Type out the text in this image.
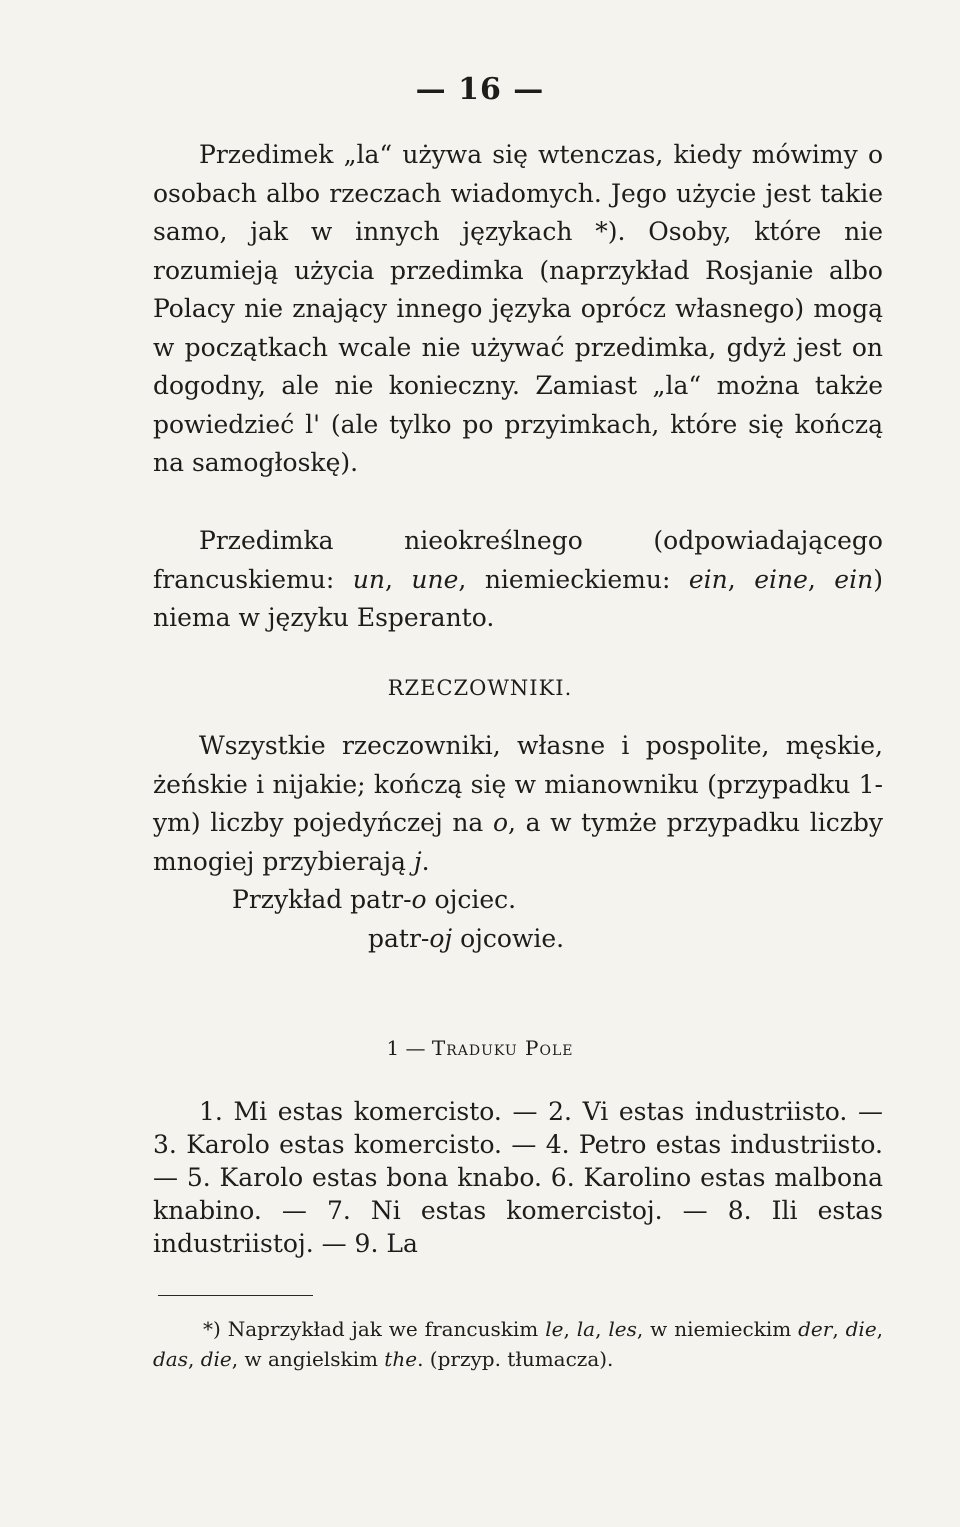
— 16 —

Przedimek „la“ używa się wtenczas, kiedy mówimy o osobach albo rzeczach wiadomych. Jego użycie jest takie samo, jak w innych językach *). Osoby, które nie rozumieją użycia przedimka (naprzykład Rosjanie albo Polacy nie znający innego języka oprócz własnego) mogą w początkach wcale nie używać przedimka, gdyż jest on dogodny, ale nie konieczny. Zamiast „la“ można także powiedzieć l' (ale tylko po przyimkach, które się kończą na samogłoskę).

Przedimka nieokreślnego (odpowiadającego francuskiemu: un, une, niemieckiemu: ein, eine, ein) niema w języku Esperanto.

RZECZOWNIKI.

Wszystkie rzeczowniki, własne i pospolite, męskie, żeńskie i nijakie; kończą się w mianowniku (przypadku 1-ym) liczby pojedyńczej na o, a w tymże przypadku liczby mnogiej przybierają j.

Przykład patr-o ojciec.
patr-oj ojcowie.
1 — Traduku Pole

1. Mi estas komercisto. — 2. Vi estas industriisto. — 3. Karolo estas komercisto. — 4. Petro estas industriisto. — 5. Karolo estas bona knabo. 6. Karolino estas malbona knabino. — 7. Ni estas komercistoj. — 8. Ili estas industriistoj. — 9. La

*) Naprzykład jak we francuskim le, la, les, w niemieckim der, die, das, die, w angielskim the. (przyp. tłumacza).
